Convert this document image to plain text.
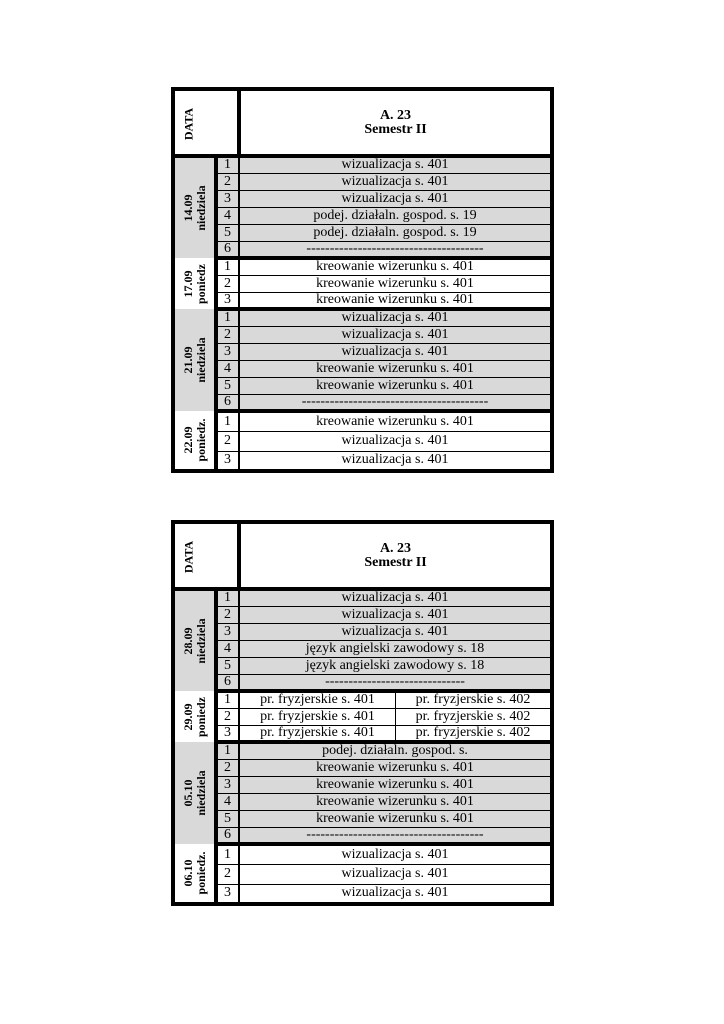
DATA		A. 23
Semestr II

14.09 niedziela	1	wizualizacja s. 401
	2	wizualizacja s. 401
	3	wizualizacja s. 401
	4	podej. działaln. gospod. s. 19
	5	podej. działaln. gospod. s. 19
	6	--------------------------------------

17.09 poniedz	1	kreowanie wizerunku s. 401
	2	kreowanie wizerunku s. 401
	3	kreowanie wizerunku s. 401

21.09 niedziela	1	wizualizacja s. 401
	2	wizualizacja s. 401
	3	wizualizacja s. 401
	4	kreowanie wizerunku s. 401
	5	kreowanie wizerunku s. 401
	6	----------------------------------------

22.09 poniedz.	1	kreowanie wizerunku s. 401
	2	wizualizacja s. 401
	3	wizualizacja s. 401
DATA		A. 23
Semestr II	

28.09 niedziela	1	wizualizacja s. 401	
	2	wizualizacja s. 401	
	3	wizualizacja s. 401	
	4	język angielski zawodowy s. 18	
	5	język angielski zawodowy s. 18	
	6	------------------------------	

29.09 poniedz	1	pr. fryzjerskie s. 401	pr. fryzjerskie s. 402
	2	pr. fryzjerskie s. 401	pr. fryzjerskie s. 402
	3	pr. fryzjerskie s. 401	pr. fryzjerskie s. 402

05.10 niedziela	1	podej. działaln. gospod. s.	
	2	kreowanie wizerunku s. 401	
	3	kreowanie wizerunku s. 401	
	4	kreowanie wizerunku s. 401	
	5	kreowanie wizerunku s. 401	
	6	--------------------------------------	

06.10 poniedz.	1	wizualizacja s. 401	
	2	wizualizacja s. 401	
	3	wizualizacja s. 401	
